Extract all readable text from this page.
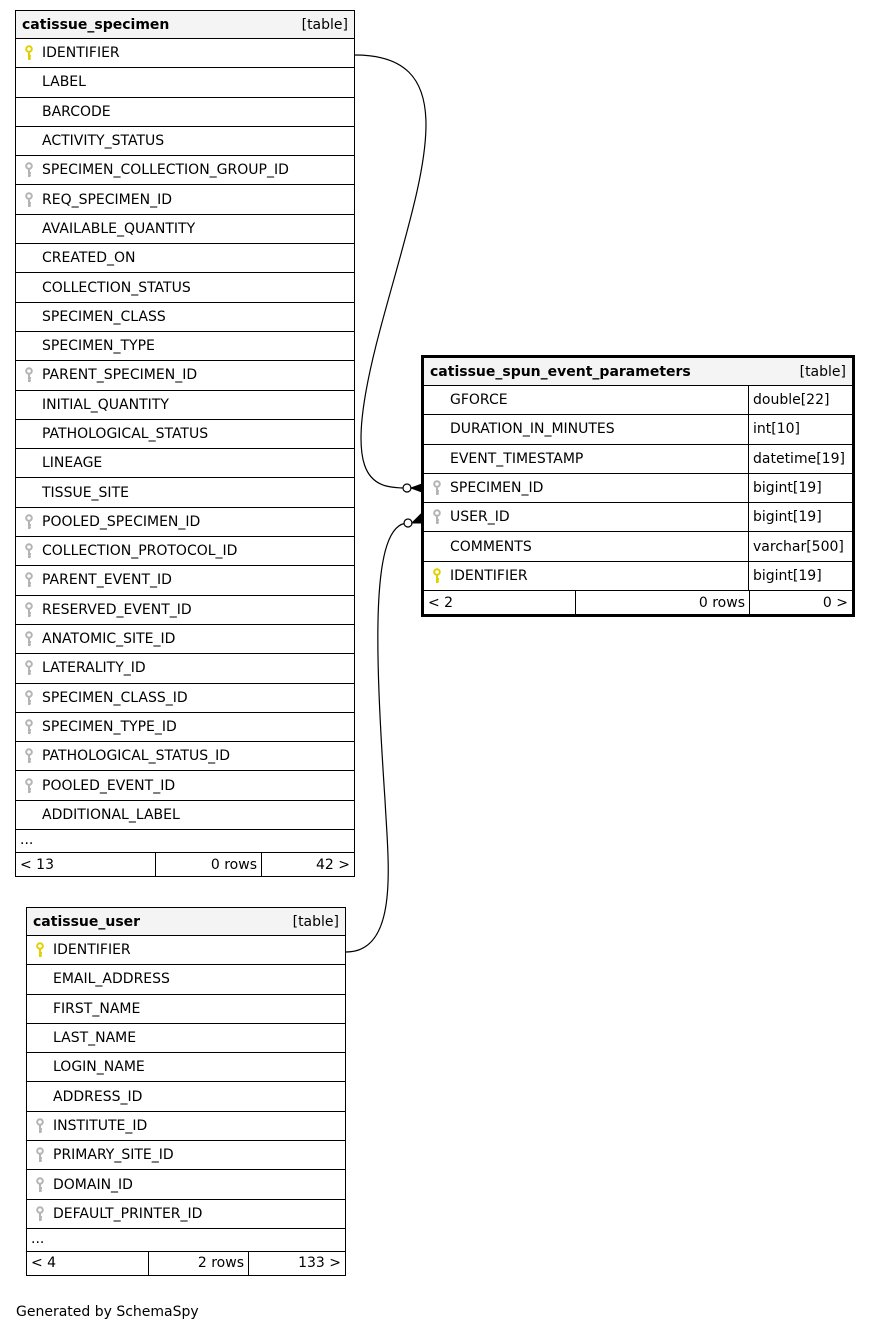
catissue_specimen	[table]
IDENTIFIER
LABEL
BARCODE
ACTIVITY_STATUS
SPECIMEN_COLLECTION_GROUP_ID
REQ_SPECIMEN_ID
AVAILABLE_QUANTITY
CREATED_ON
COLLECTION_STATUS
SPECIMEN_CLASS
SPECIMEN_TYPE
PARENT_SPECIMEN_ID
INITIAL_QUANTITY
PATHOLOGICAL_STATUS
LINEAGE
TISSUE_SITE
POOLED_SPECIMEN_ID
COLLECTION_PROTOCOL_ID
PARENT_EVENT_ID
RESERVED_EVENT_ID
ANATOMIC_SITE_ID
LATERALITY_ID
SPECIMEN_CLASS_ID
SPECIMEN_TYPE_ID
PATHOLOGICAL_STATUS_ID
POOLED_EVENT_ID
ADDITIONAL_LABEL
...
< 13	0 rows	42 >
catissue_spun_event_parameters	[table]
GFORCE	double[22]
DURATION_IN_MINUTES	int[10]
EVENT_TIMESTAMP	datetime[19]
SPECIMEN_ID	bigint[19]
USER_ID	bigint[19]
COMMENTS	varchar[500]
IDENTIFIER	bigint[19]
< 2	0 rows	0 >
catissue_user	[table]
IDENTIFIER
EMAIL_ADDRESS
FIRST_NAME
LAST_NAME
LOGIN_NAME
ADDRESS_ID
INSTITUTE_ID
PRIMARY_SITE_ID
DOMAIN_ID
DEFAULT_PRINTER_ID
...
< 4	2 rows	133 >
Generated by SchemaSpy
